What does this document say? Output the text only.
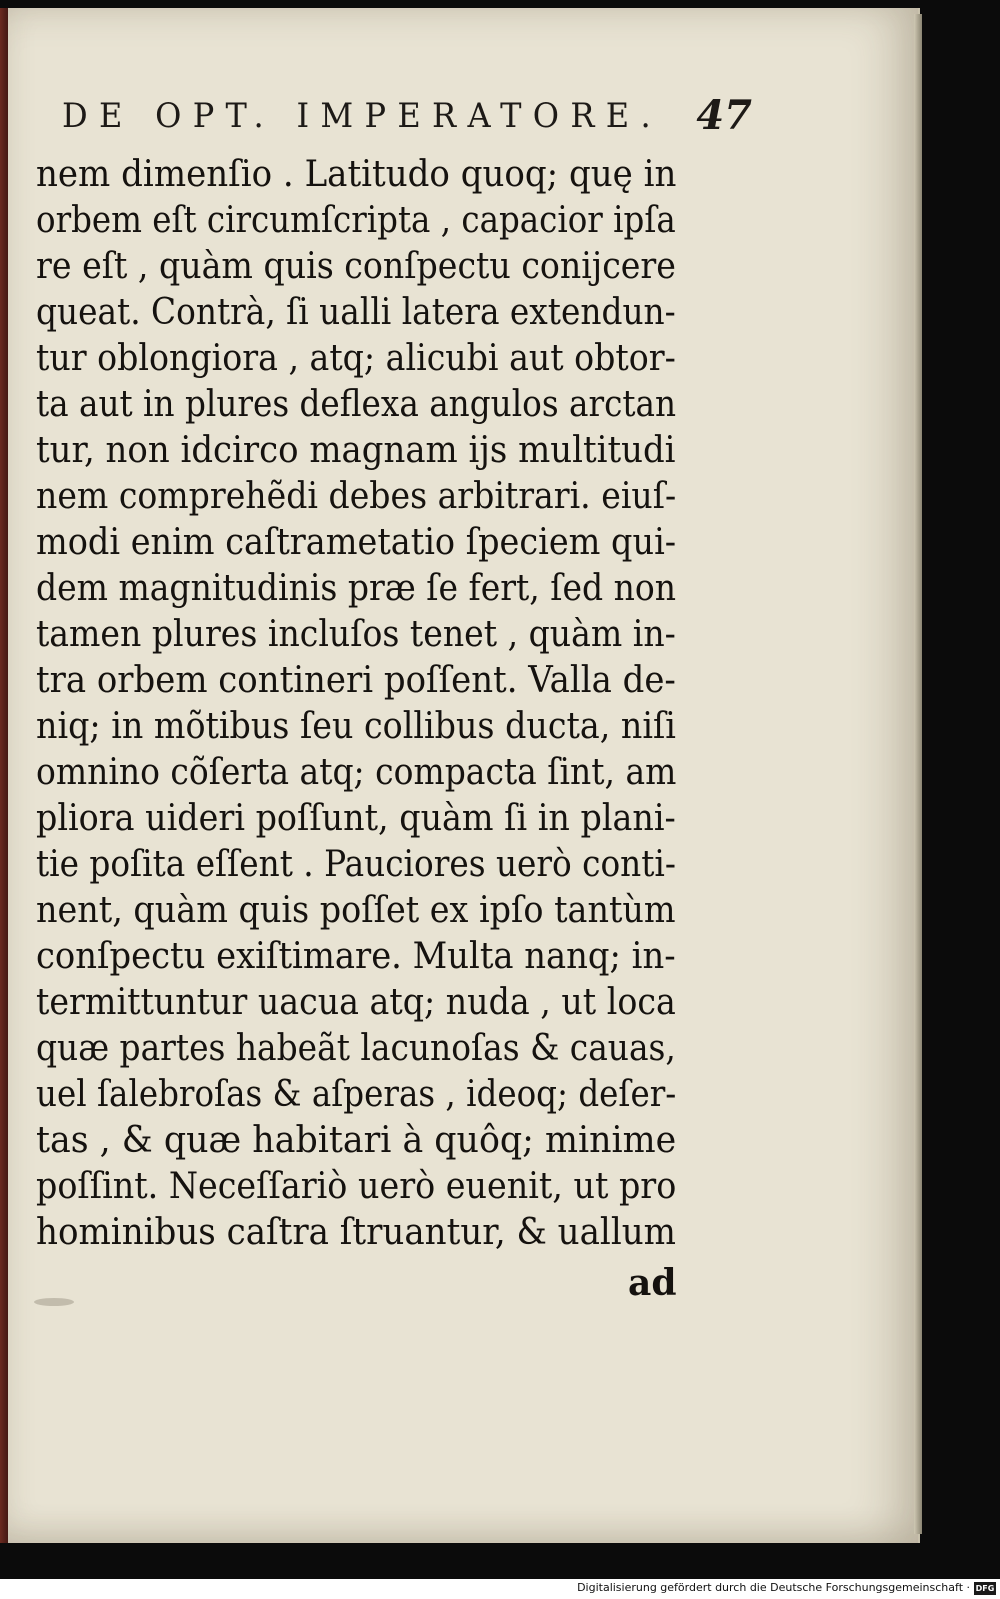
DE OPT. IMPERATORE. 47
nem dimenſio . Latitudo quoq; quę in
orbem eſt circumſcripta , capacior ipſa
re eſt , quàm quis conſpectu conijcere
queat. Contrà, ſi ualli latera extendun-
tur oblongiora , atq; alicubi aut obtor-
ta aut in plures deflexa angulos arctan
tur, non idcirco magnam ijs multitudi
nem comprehẽdi debes arbitrari. eiuſ-
modi enim caſtrametatio ſpeciem qui-
dem magnitudinis præ ſe fert, ſed non
tamen plures incluſos tenet , quàm in-
tra orbem contineri poſſent. Valla de-
niq; in mõtibus ſeu collibus ducta, niſi
omnino cõſerta atq; compacta ſint, am
pliora uideri poſſunt, quàm ſi in plani-
tie poſita eſſent . Pauciores uerò conti-
nent, quàm quis poſſet ex ipſo tantùm
conſpectu exiſtimare. Multa nanq; in-
termittuntur uacua atq; nuda , ut loca
quæ partes habeãt lacunoſas & cauas,
uel ſalebroſas & aſperas , ideoq; deſer-
tas , & quæ habitari à quôq; minime
poſſint. Neceſſariò uerò euenit, ut pro
hominibus caſtra ſtruantur, & uallum
ad
Digitalisierung gefördert durch die Deutsche Forschungsgemeinschaft · DFG
